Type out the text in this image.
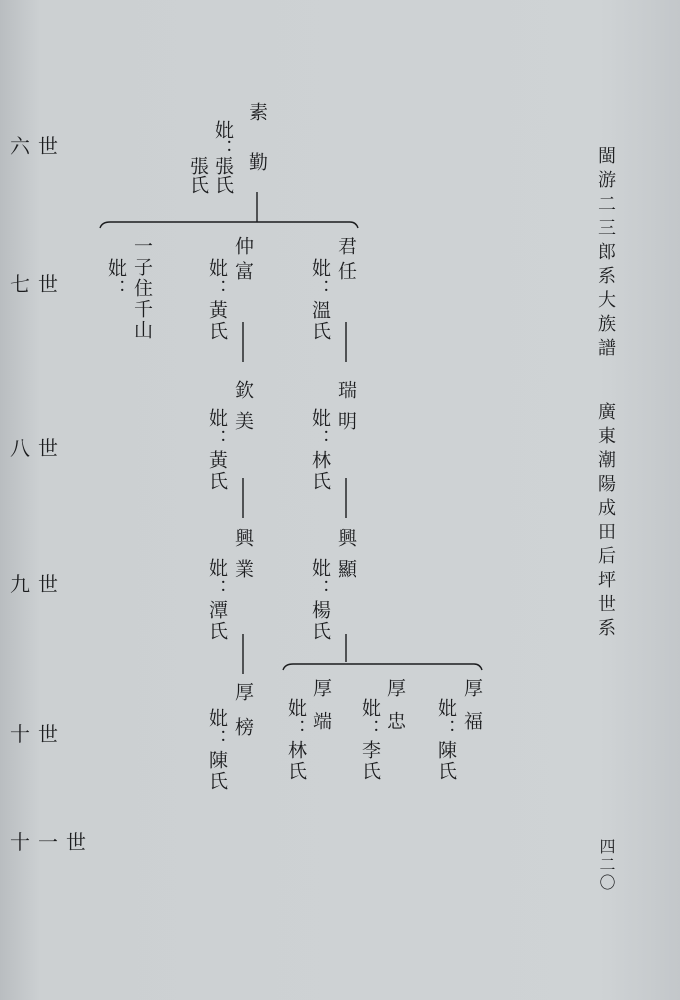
六世
七世
八世
九世
十世
十一世
閩游二三郎系大族譜
廣東潮陽成田后坪世系
四二〇
素
勤
妣：
張氏
張氏
君任
妣：溫氏
仲富
妣：黃氏
一子住千山
妣：
瑞明
妣：林氏
欽美
妣：黃氏
興顯
妣：楊氏
興業
妣：潭氏
厚榜
妣：陳氏	厚福
妣：陳氏
厚忠
妣：李氏
厚端
妣：林氏
